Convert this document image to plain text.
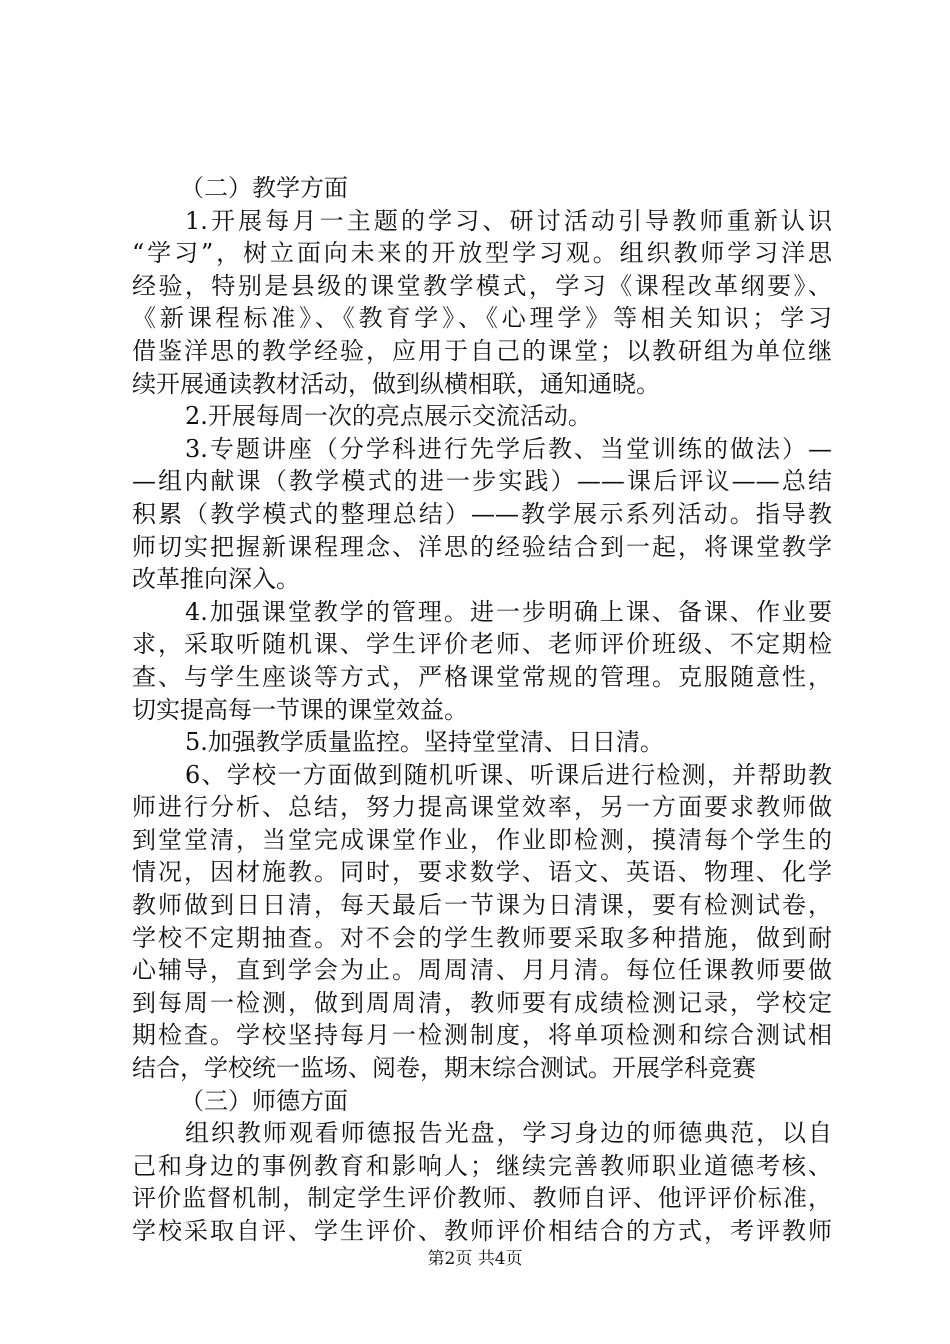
（二）教学方面
1.开展每月一主题的学习、研讨活动引导教师重新认识
“学习”，树立面向未来的开放型学习观。组织教师学习洋思
经验，特别是县级的课堂教学模式，学习《课程改革纲要》、
《新课程标准》、《教育学》、《心理学》等相关知识；学习
借鉴洋思的教学经验，应用于自己的课堂；以教研组为单位继
续开展通读教材活动，做到纵横相联，通知通晓。
2.开展每周一次的亮点展示交流活动。
3.专题讲座（分学科进行先学后教、当堂训练的做法）—
—组内献课（教学模式的进一步实践）——课后评议——总结
积累（教学模式的整理总结）——教学展示系列活动。指导教
师切实把握新课程理念、洋思的经验结合到一起，将课堂教学
改革推向深入。
4.加强课堂教学的管理。进一步明确上课、备课、作业要
求，采取听随机课、学生评价老师、老师评价班级、不定期检
查、与学生座谈等方式，严格课堂常规的管理。克服随意性，
切实提高每一节课的课堂效益。
5.加强教学质量监控。坚持堂堂清、日日清。
6、学校一方面做到随机听课、听课后进行检测，并帮助教
师进行分析、总结，努力提高课堂效率，另一方面要求教师做
到堂堂清，当堂完成课堂作业，作业即检测，摸清每个学生的
情况，因材施教。同时，要求数学、语文、英语、物理、化学
教师做到日日清，每天最后一节课为日清课，要有检测试卷，
学校不定期抽查。对不会的学生教师要采取多种措施，做到耐
心辅导，直到学会为止。周周清、月月清。每位任课教师要做
到每周一检测，做到周周清，教师要有成绩检测记录，学校定
期检查。学校坚持每月一检测制度，将单项检测和综合测试相
结合，学校统一监场、阅卷，期末综合测试。开展学科竞赛
（三）师德方面
组织教师观看师德报告光盘，学习身边的师德典范，以自
己和身边的事例教育和影响人；继续完善教师职业道德考核、
评价监督机制，制定学生评价教师、教师自评、他评评价标准，
学校采取自评、学生评价、教师评价相结合的方式，考评教师
第2页 共4页
